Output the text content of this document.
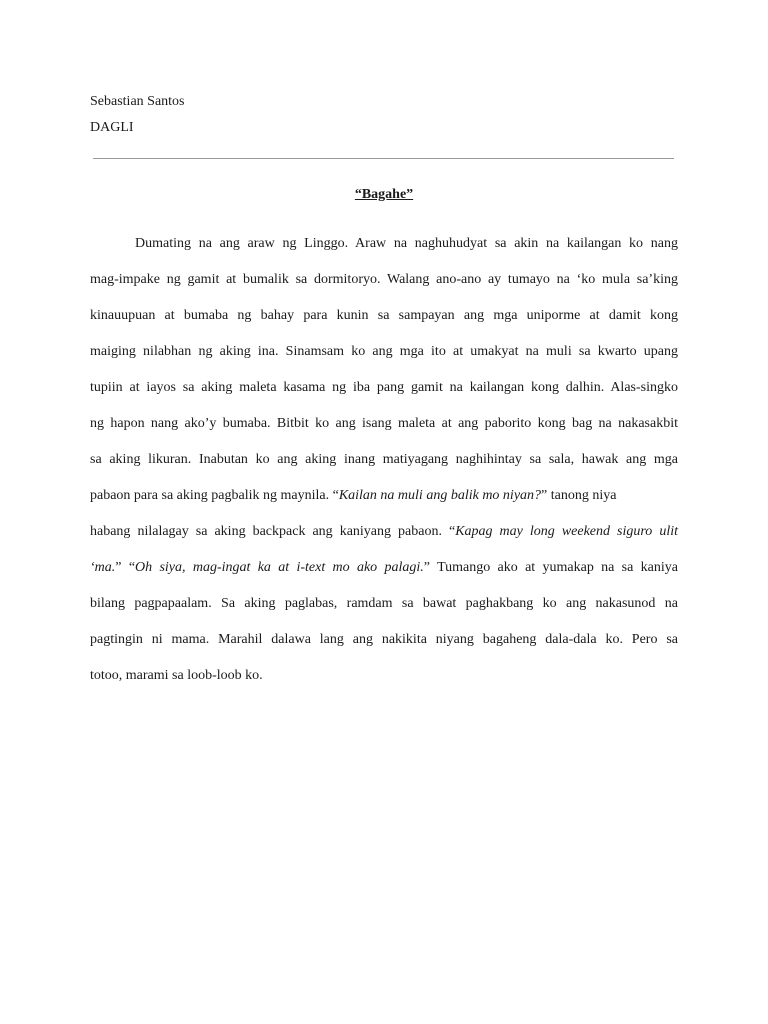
Sebastian Santos
DAGLI
“Bagahe”
Dumating na ang araw ng Linggo. Araw na naghuhudyat sa akin na kailangan ko nang
mag-impake ng gamit at bumalik sa dormitoryo. Walang ano-ano ay tumayo na ‘ko mula sa’king
kinauupuan at bumaba ng bahay para kunin sa sampayan ang mga uniporme at damit kong
maiging nilabhan ng aking ina. Sinamsam ko ang mga ito at umakyat na muli sa kwarto upang
tupiin at iayos sa aking maleta kasama ng iba pang gamit na kailangan kong dalhin. Alas-singko
ng hapon nang ako’y bumaba. Bitbit ko ang isang maleta at ang paborito kong bag na nakasakbit
sa aking likuran. Inabutan ko ang aking inang matiyagang naghihintay sa sala, hawak ang mga
pabaon para sa aking pagbalik ng maynila. “Kailan na muli ang balik mo niyan?” tanong niya
habang nilalagay sa aking backpack ang kaniyang pabaon. “Kapag may long weekend siguro ulit
‘ma.” “Oh siya, mag-ingat ka at i-text mo ako palagi.” Tumango ako at yumakap na sa kaniya
bilang pagpapaalam. Sa aking paglabas, ramdam sa bawat paghakbang ko ang nakasunod na
pagtingin ni mama. Marahil dalawa lang ang nakikita niyang bagaheng dala-dala ko. Pero sa
totoo, marami sa loob-loob ko.
